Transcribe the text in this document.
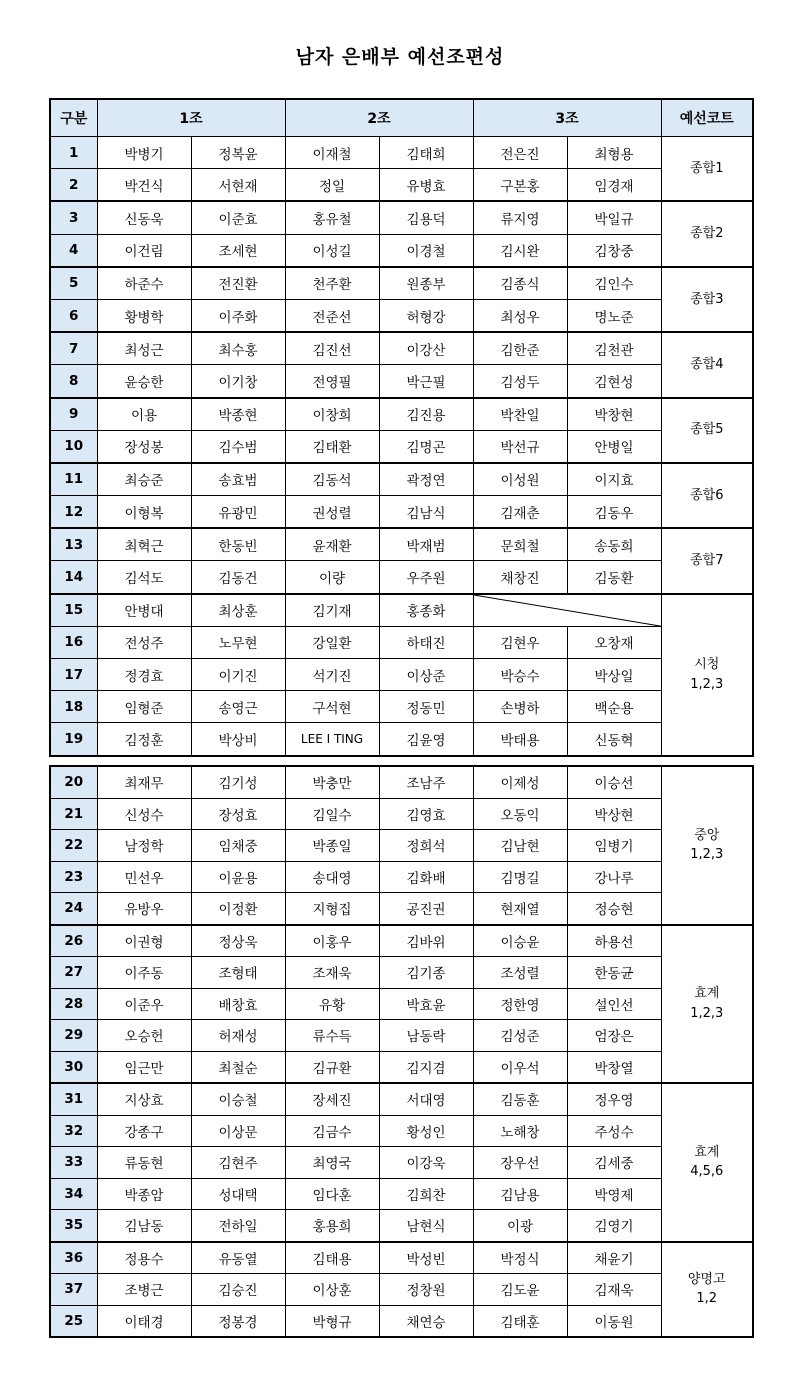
남자 은배부 예선조편성
구분	1조		2조		3조		예선코트
1	박병기	정복윤	이재철	김태희	전은진	최형용	종합1

2	박건식	서현재	정일	유병효	구본홍	임경재	
3	신동욱	이준효	홍유철	김용덕	류지영	박일규	종합2

4	이건림	조세현	이성길	이경철	김시완	김창중	
5	하준수	전진환	천주환	원종부	김종식	김인수	종합3

6	황병학	이주화	전준선	허형강	최성우	명노준	
7	최성근	최수홍	김진선	이강산	김한준	김천관	종합4

8	윤승한	이기창	전영필	박근필	김성두	김현성	
9	이용	박종현	이창희	김진용	박찬일	박창현	종합5

10	장성봉	김수범	김태환	김명곤	박선규	안병일	
11	최승준	송효범	김동석	곽정연	이성원	이지효	종합6

12	이형복	유광민	권성렬	김남식	김재춘	김동우	
13	최혁근	한동빈	윤재환	박재범	문희철	송동희	종합7

14	김석도	김동건	이량	우주원	채창진	김동환	
15	안병대	최상훈	김기재	홍종화			시청
1,2,3

16	전성주	노무현	강일환	하태진	김현우	오창재	
17	정경효	이기진	석기진	이상준	박승수	박상일	
18	임형준	송영근	구석현	정동민	손병하	백순용	
19	김정훈	박상비	LEE I TING	김윤영	박태용	신동혁	
20	최재무	김기성	박충만	조남주	이제성	이승선	중앙
1,2,3

21	신성수	장성효	김일수	김영효	오동익	박상현	
22	남정학	임채중	박종일	정희석	김남현	임병기	
23	민선우	이윤용	송대영	김화배	김명길	강나루	
24	유방우	이정환	지형집	공진권	현재열	정승현	
26	이권형	정상욱	이홍우	김바위	이승윤	하용선	효계
1,2,3

27	이주동	조형태	조재욱	김기종	조성렬	한동균	
28	이준우	배창효	유황	박효윤	정한영	설인선	
29	오승헌	허재성	류수득	남동락	김성준	엄장은	
30	임근만	최철순	김규환	김지겸	이우석	박창열	
31	지상효	이승철	장세진	서대영	김동훈	정우영	효계
4,5,6

32	강종구	이상문	김금수	황성인	노해창	주성수	
33	류동현	김현주	최영국	이강욱	장우선	김세중	
34	박종암	성대택	임다훈	김희찬	김남용	박영제	
35	김남동	전하일	홍용희	남현식	이광	김영기	
36	정용수	유동열	김태용	박성빈	박정식	채윤기	양명고
1,2

37	조병근	김승진	이상훈	정창원	김도윤	김재욱	
25	이태경	정봉경	박형규	채연승	김태훈	이동원	
